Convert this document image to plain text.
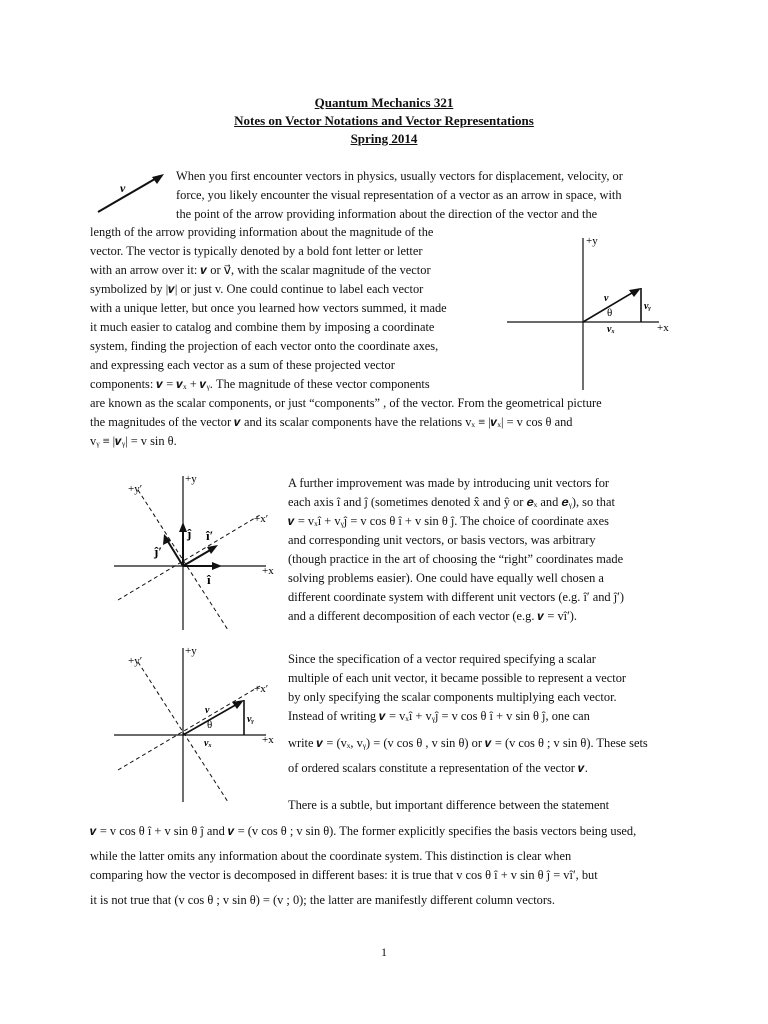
Quantum Mechanics 321
Notes on Vector Notations and Vector Representations
Spring 2014
v
+y
+x
v
θ
vᵧ
vₓ
+y
+y′
+x′
+x
ĵ
î
î′
ĵ′
+y
+y′
+x′
+x
v
θ	vᵧ
vₓ
When you first encounter vectors in physics, usually vectors for displacement, velocity, or
force, you likely encounter the visual representation of a vector as an arrow in space, with
the point of the arrow providing information about the direction of the vector and the
length of the arrow providing information about the magnitude of the
vector. The vector is typically denoted by a bold font letter or letter
with an arrow over it: 𝒗 or v⃗, with the scalar magnitude of the vector
symbolized by |𝒗| or just v. One could continue to label each vector
with a unique letter, but once you learned how vectors summed, it made
it much easier to catalog and combine them by imposing a coordinate
system, finding the projection of each vector onto the coordinate axes,
and expressing each vector as a sum of these projected vector
components: 𝒗 = 𝒗ₓ + 𝒗ᵧ. The magnitude of these vector components
are known as the scalar components, or just “components” , of the vector. From the geometrical picture
the magnitudes of the vector 𝒗 and its scalar components have the relations vₓ ≡ |𝒗ₓ| = v cos θ and
vᵧ ≡ |𝒗ᵧ| = v sin θ.
A further improvement was made by introducing unit vectors for
each axis î and ĵ (sometimes denoted x̂ and ŷ or 𝒆ₓ and 𝒆ᵧ), so that
𝒗 = vₓî + vᵧĵ = v cos θ î + v sin θ ĵ. The choice of coordinate axes
and corresponding unit vectors, or basis vectors, was arbitrary
(though practice in the art of choosing the “right” coordinates made
solving problems easier). One could have equally well chosen a
different coordinate system with different unit vectors (e.g. î′ and ĵ′)
and a different decomposition of each vector (e.g. 𝒗 = vî′).
Since the specification of a vector required specifying a scalar
multiple of each unit vector, it became possible to represent a vector
by only specifying the scalar components multiplying each vector.
Instead of writing 𝒗 = vₓî + vᵧĵ = v cos θ î + v sin θ ĵ, one can
write 𝒗 = (vₓ, vᵧ) = (v cos θ , v sin θ) or 𝒗 = (v cos θ ; v sin θ). These sets
of ordered scalars constitute a representation of the vector 𝒗.
There is a subtle, but important difference between the statement
𝒗 = v cos θ î + v sin θ ĵ and 𝒗 = (v cos θ ; v sin θ). The former explicitly specifies the basis vectors being used,
while the latter omits any information about the coordinate system. This distinction is clear when
comparing how the vector is decomposed in different bases: it is true that v cos θ î + v sin θ ĵ = vî′, but
it is not true that (v cos θ ; v sin θ) = (v ; 0); the latter are manifestly different column vectors.
1
